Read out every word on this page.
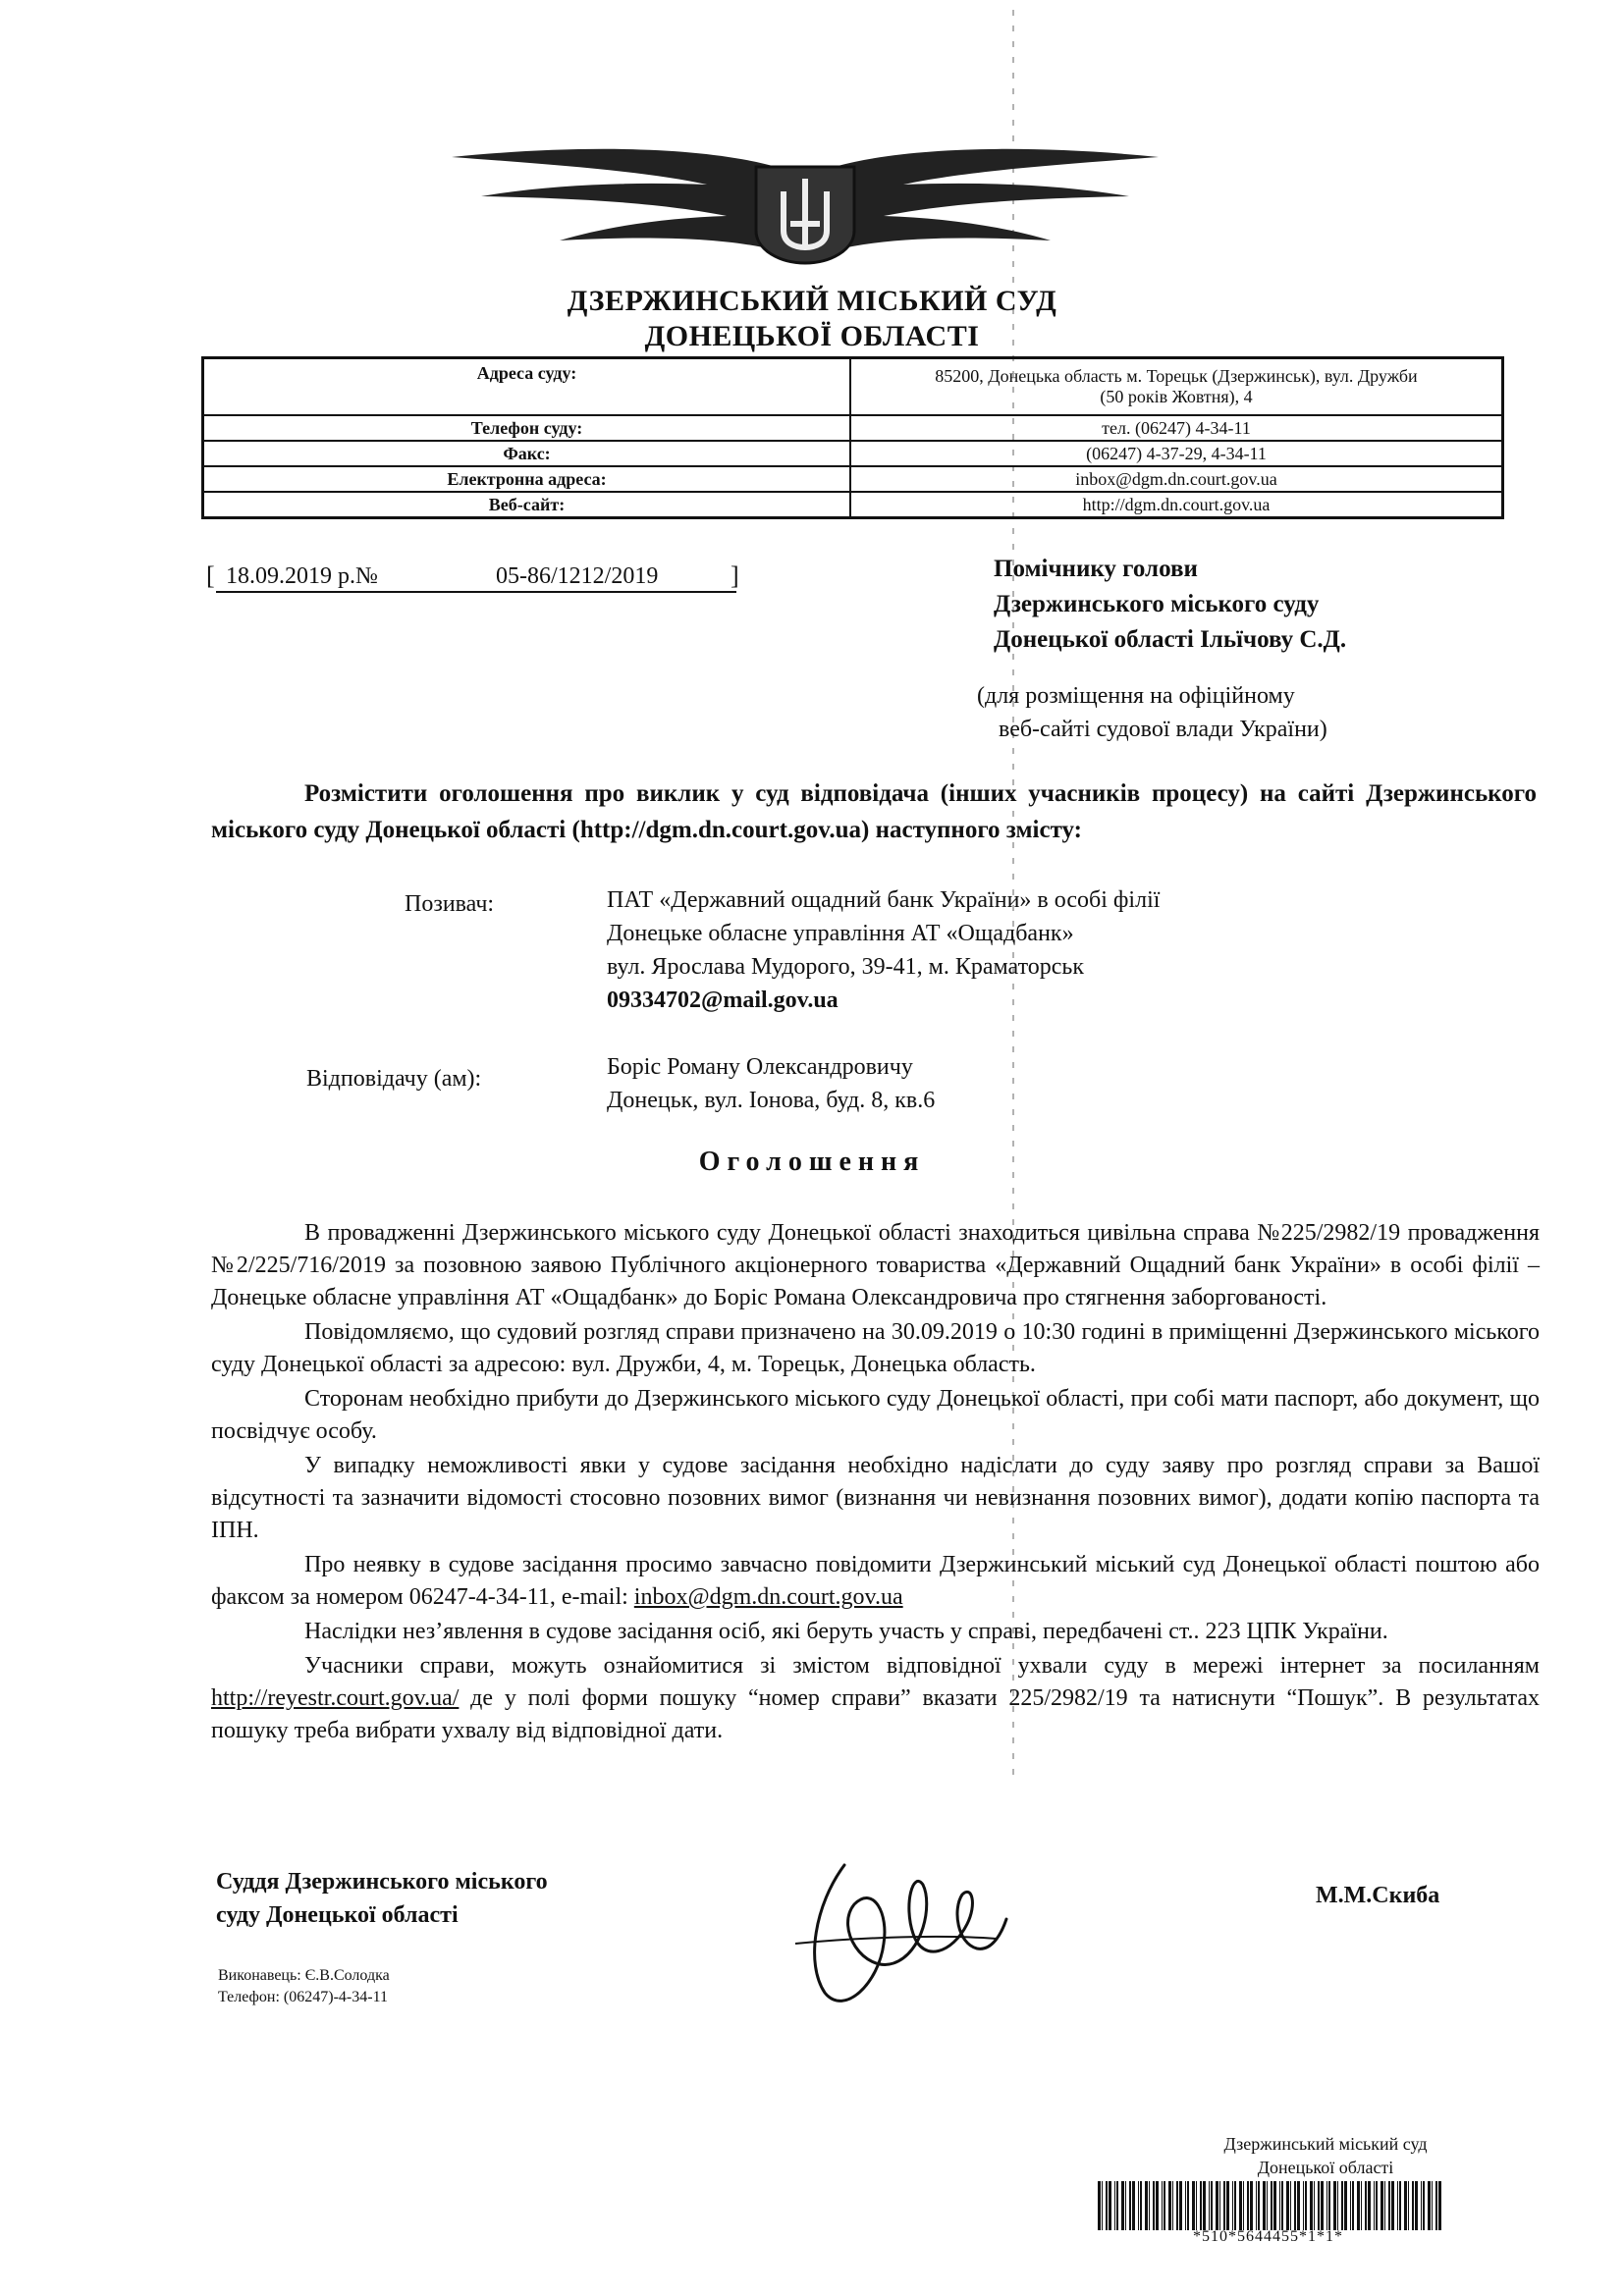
ДЗЕРЖИНСЬКИЙ МІСЬКИЙ СУД
ДОНЕЦЬКОЇ ОБЛАСТІ
Адреса суду:	85200, Донецька область м. Торецьк (Дзержинськ), вул. Дружби
(50 років Жовтня), 4

Телефон суду:	тел. (06247) 4-34-11
Факс:	(06247) 4-37-29, 4-34-11
Електронна адреса:	inbox@dgm.dn.court.gov.ua
Веб-сайт:	http://dgm.dn.court.gov.ua
[ 18.09.2019 р.№	05-86/1212/2019	]	Помічнику голови
Дзержинського міського суду
Донецької області Ільїчову С.Д.
(для розміщення на офіційному
веб-сайті судової влади України)

Розмістити оголошення про виклик у суд відповідача (інших учасників процесу) на сайті Дзержинського міського суду Донецької області (http://dgm.dn.court.gov.ua) наступного змісту:

Позивач:	ПАТ «Державний ощадний банк України» в особі філії
Донецьке обласне управління АТ «Ощадбанк»
вул. Ярослава Мудорого, 39-41, м. Краматорськ
09334702@mail.gov.ua
Відповідачу (ам):	Боріс Роману Олександровичу
Донецьк, вул. Іонова, буд. 8, кв.6
Оголошення

В провадженні Дзержинського міського суду Донецької області знаходиться цивільна справа №225/2982/19 провадження №2/225/716/2019 за позовною заявою Публічного акціонерного товариства «Державний Ощадний банк України» в особі філії – Донецьке обласне управління АТ «Ощадбанк» до Боріс Романа Олександровича про стягнення заборгованості.

Повідомляємо, що судовий розгляд справи призначено на 30.09.2019 о 10:30 годині в приміщенні Дзержинського міського суду Донецької області за адресою: вул. Дружби, 4, м. Торецьк, Донецька область.

Сторонам необхідно прибути до Дзержинського міського суду Донецької області, при собі мати паспорт, або документ, що посвідчує особу.

У випадку неможливості явки у судове засідання необхідно надіслати до суду заяву про розгляд справи за Вашої відсутності та зазначити відомості стосовно позовних вимог (визнання чи невизнання позовних вимог), додати копію паспорта та ІПН.

Про неявку в судове засідання просимо завчасно повідомити Дзержинський міський суд Донецької області поштою або факсом за номером 06247-4-34-11, e-mail: inbox@dgm.dn.court.gov.ua

Наслідки нез’явлення в судове засідання осіб, які беруть участь у справі, передбачені ст.. 223 ЦПК України.

Учасники справи, можуть ознайомитися зі змістом відповідної ухвали суду в мережі інтернет за посиланням http://reyestr.court.gov.ua/ де у полі форми пошуку “номер справи” вказати 225/2982/19 та натиснути “Пошук”. В результатах пошуку треба вибрати ухвалу від відповідної дати.

Суддя Дзержинського міського
суду Донецької області
М.М.Скиба
Виконавець: Є.В.Солодка
Телефон: (06247)-4-34-11
Дзержинський міський суд
Донецької області
*510*5644455*1*1*
